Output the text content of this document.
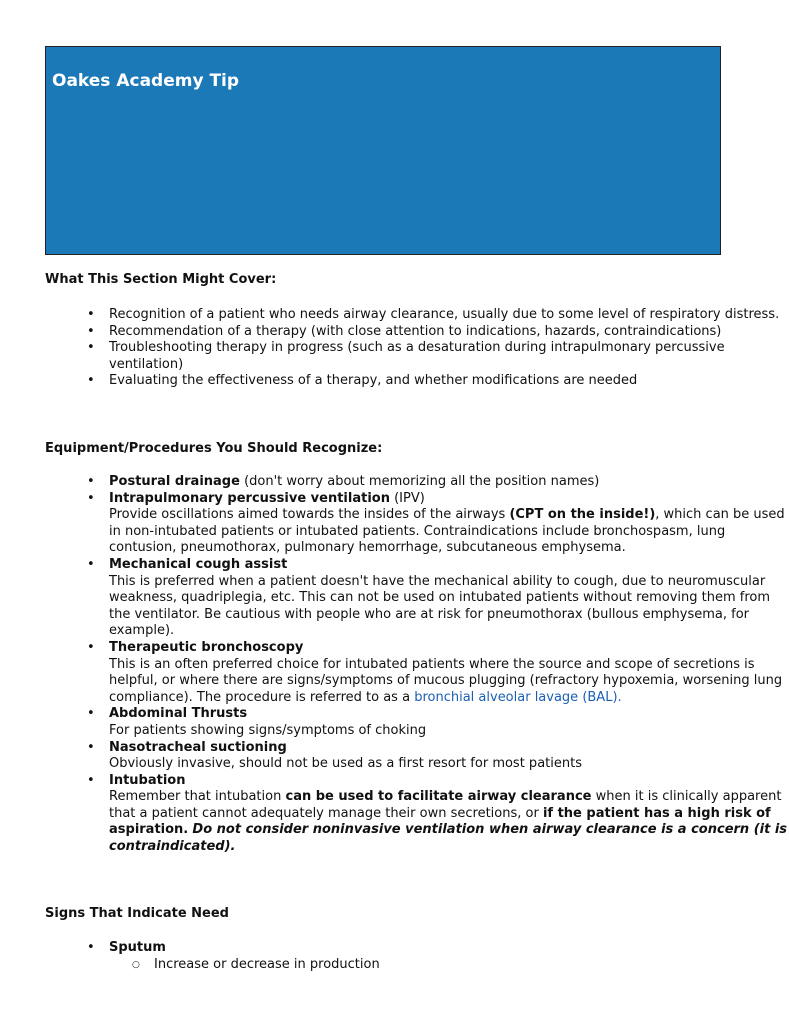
Oakes Academy Tip

What This Section Might Cover:

• Recognition of a patient who needs airway clearance, usually due to some level of respiratory distress.
• Recommendation of a therapy (with close attention to indications, hazards, contraindications)
• Troubleshooting therapy in progress (such as a desaturation during intrapulmonary percussive ventilation)
• Evaluating the effectiveness of a therapy, and whether modifications are needed

Equipment/Procedures You Should Recognize:

• Postural drainage (don't worry about memorizing all the position names)
• Intrapulmonary percussive ventilation (IPV)
Provide oscillations aimed towards the insides of the airways (CPT on the inside!), which can be used in non-intubated patients or intubated patients. Contraindications include bronchospasm, lung contusion, pneumothorax, pulmonary hemorrhage, subcutaneous emphysema.
• Mechanical cough assist
This is preferred when a patient doesn't have the mechanical ability to cough, due to neuromuscular weakness, quadriplegia, etc. This can not be used on intubated patients without removing them from the ventilator. Be cautious with people who are at risk for pneumothorax (bullous emphysema, for example).
• Therapeutic bronchoscopy
This is an often preferred choice for intubated patients where the source and scope of secretions is helpful, or where there are signs/symptoms of mucous plugging (refractory hypoxemia, worsening lung compliance). The procedure is referred to as a bronchial alveolar lavage (BAL).
• Abdominal Thrusts
For patients showing signs/symptoms of choking
• Nasotracheal suctioning
Obviously invasive, should not be used as a first resort for most patients
• Intubation
Remember that intubation can be used to facilitate airway clearance when it is clinically apparent that a patient cannot adequately manage their own secretions, or if the patient has a high risk of aspiration. Do not consider noninvasive ventilation when airway clearance is a concern (it is contraindicated).

Signs That Indicate Need

• Sputum
○ Increase or decrease in production
